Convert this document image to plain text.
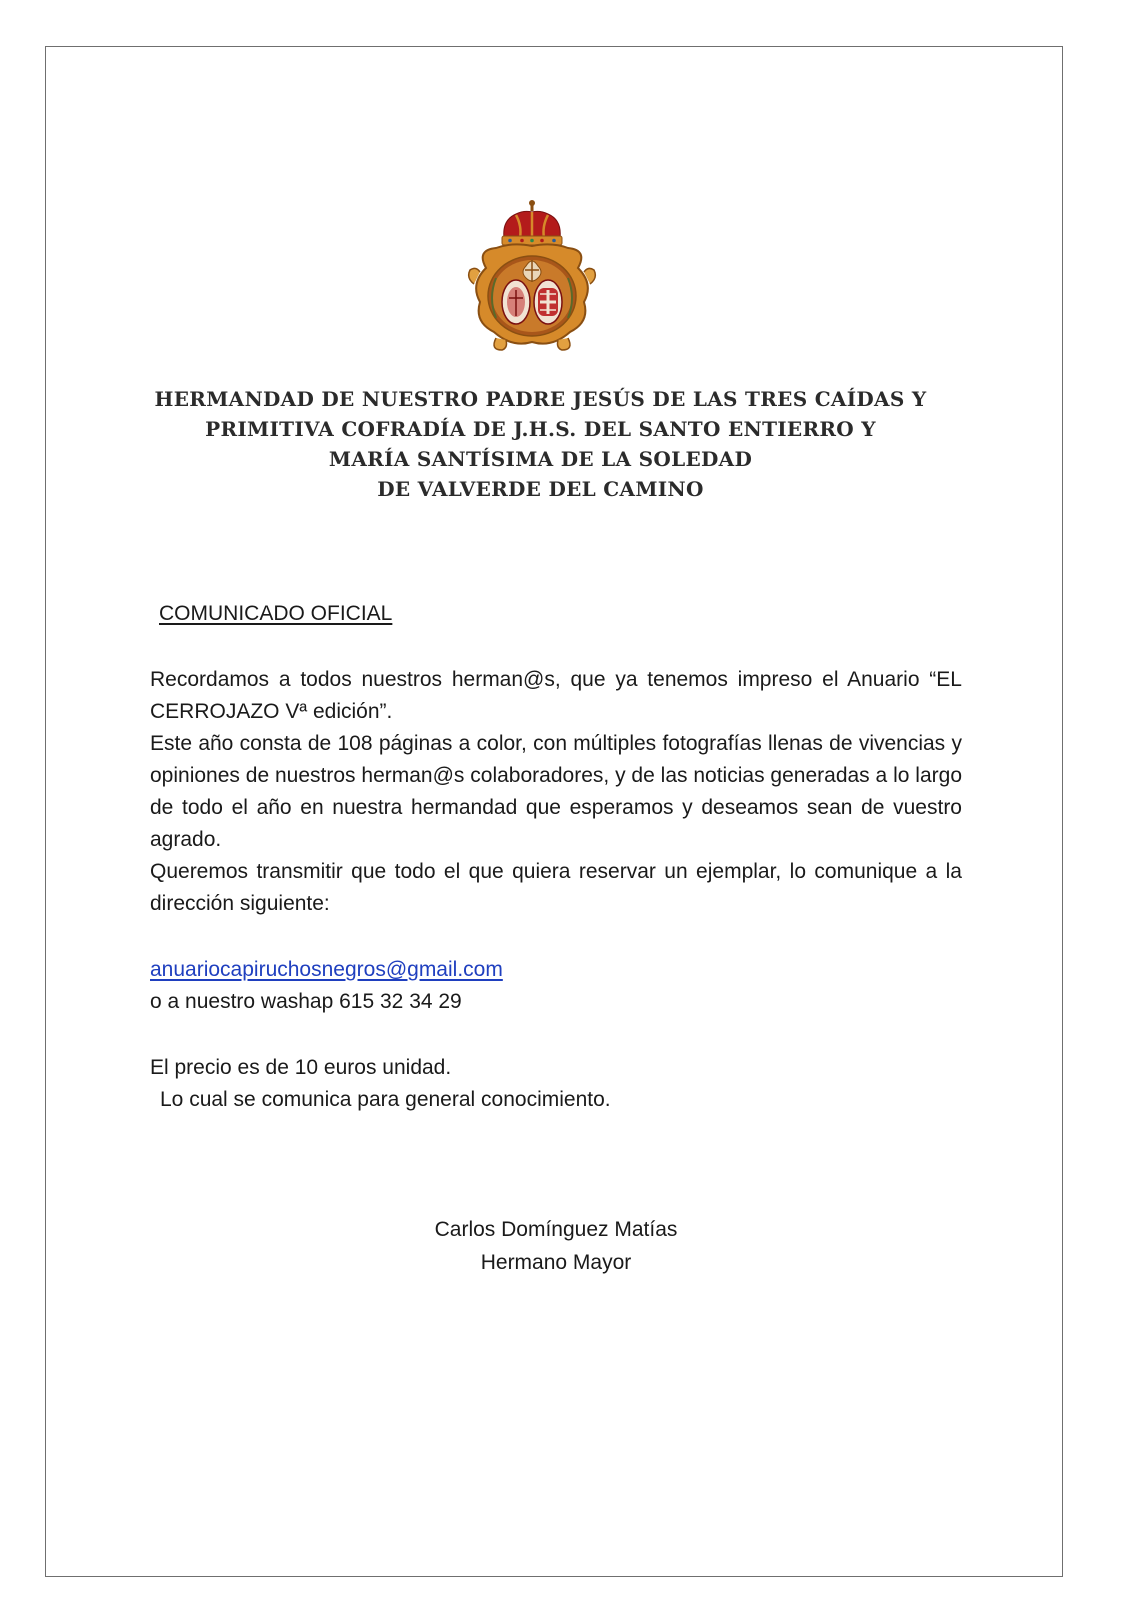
HERMANDAD DE NUESTRO PADRE JESÚS DE LAS TRES CAÍDAS Y
PRIMITIVA COFRADÍA DE J.H.S. DEL SANTO ENTIERRO Y
MARÍA SANTÍSIMA DE LA SOLEDAD
DE VALVERDE DEL CAMINO
COMUNICADO OFICIAL

Recordamos a todos nuestros herman@s, que ya tenemos impreso el Anuario “EL CERROJAZO Vª edición”.

Este año consta de 108 páginas a color, con múltiples fotografías llenas de vivencias y opiniones de nuestros herman@s colaboradores, y de las noticias generadas a lo largo de todo el año en nuestra hermandad que esperamos y deseamos sean de vuestro agrado.

Queremos transmitir que todo el que quiera reservar un ejemplar, lo comunique a la dirección siguiente:

anuariocapiruchosnegros@gmail.com
o a nuestro washap 615 32 34 29
El precio es de 10 euros unidad.
Lo cual se comunica para general conocimiento.
Carlos Domínguez Matías
Hermano Mayor
